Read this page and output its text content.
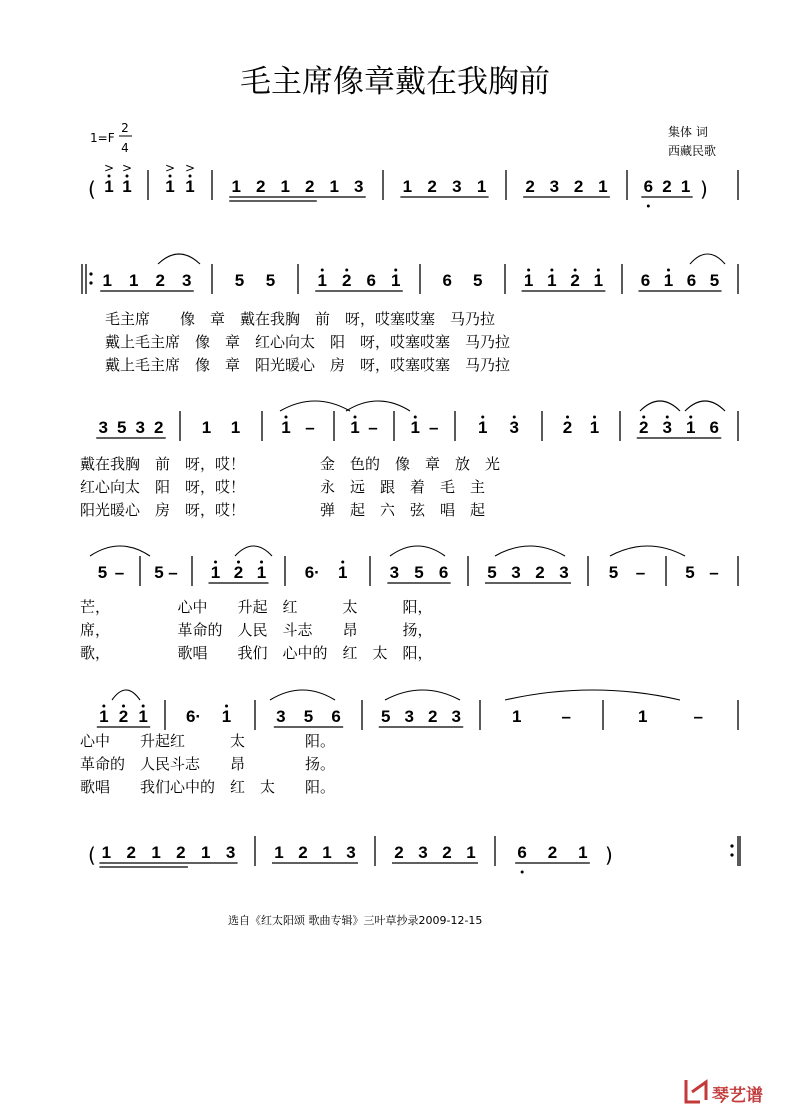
毛主席像章戴在我胸前
1=F
2
4
集体 词
西藏民歌
(	)
1
>
1
>
1
>
1
>
1 2 1 2 1 3 1 2 3 1 2 3 2 1 6 2 1
1 1 2 3	5 5 1 2 6 1 6 5 1 1 2 1 6 1 6 5
毛主席　　像　章　戴在我胸　前　呀，哎塞哎塞　马乃拉
戴上毛主席　像　章　红心向太　阳　呀，哎塞哎塞　马乃拉
戴上毛主席　像　章　阳光暖心　房　呀，哎塞哎塞　马乃拉
3 5 3 2 1 1 1 – 1 – 1 – 1 3	2 1 2 3 1 6
戴在我胸　前　呀，哎！　　　　　金　色的　像　章　放　光
红心向太　阳　呀，哎！　　　　　永　远　跟　着　毛　主
阳光暖心　房　呀，哎！　　　　　弹　起　六　弦　唱　起
5 – 5 – 1 2 1 6· 1 3 5 6 5 3 2 3 5 – 5 –
芒，　　　　　心中　　升起　红　　　太　　　阳，
席，　　　　　革命的　人民　斗志　　昂　　　扬，
歌，　　　　　歌唱　　我们　心中的　红　太　阳，
1 2 1 6· 1	3 5 6 5 3 2 3	1 –	1	–
心中　　升起红　　　太　　　　阳。
革命的　人民斗志　　昂　　　　扬。
歌唱　　我们心中的　红　太　　阳。
(	)
1 2 1 2 1 3 1 2 1 3 2 3 2 1 6 2 1
选自《红太阳颂 歌曲专辑》三叶草抄录2009-12-15
琴艺谱
